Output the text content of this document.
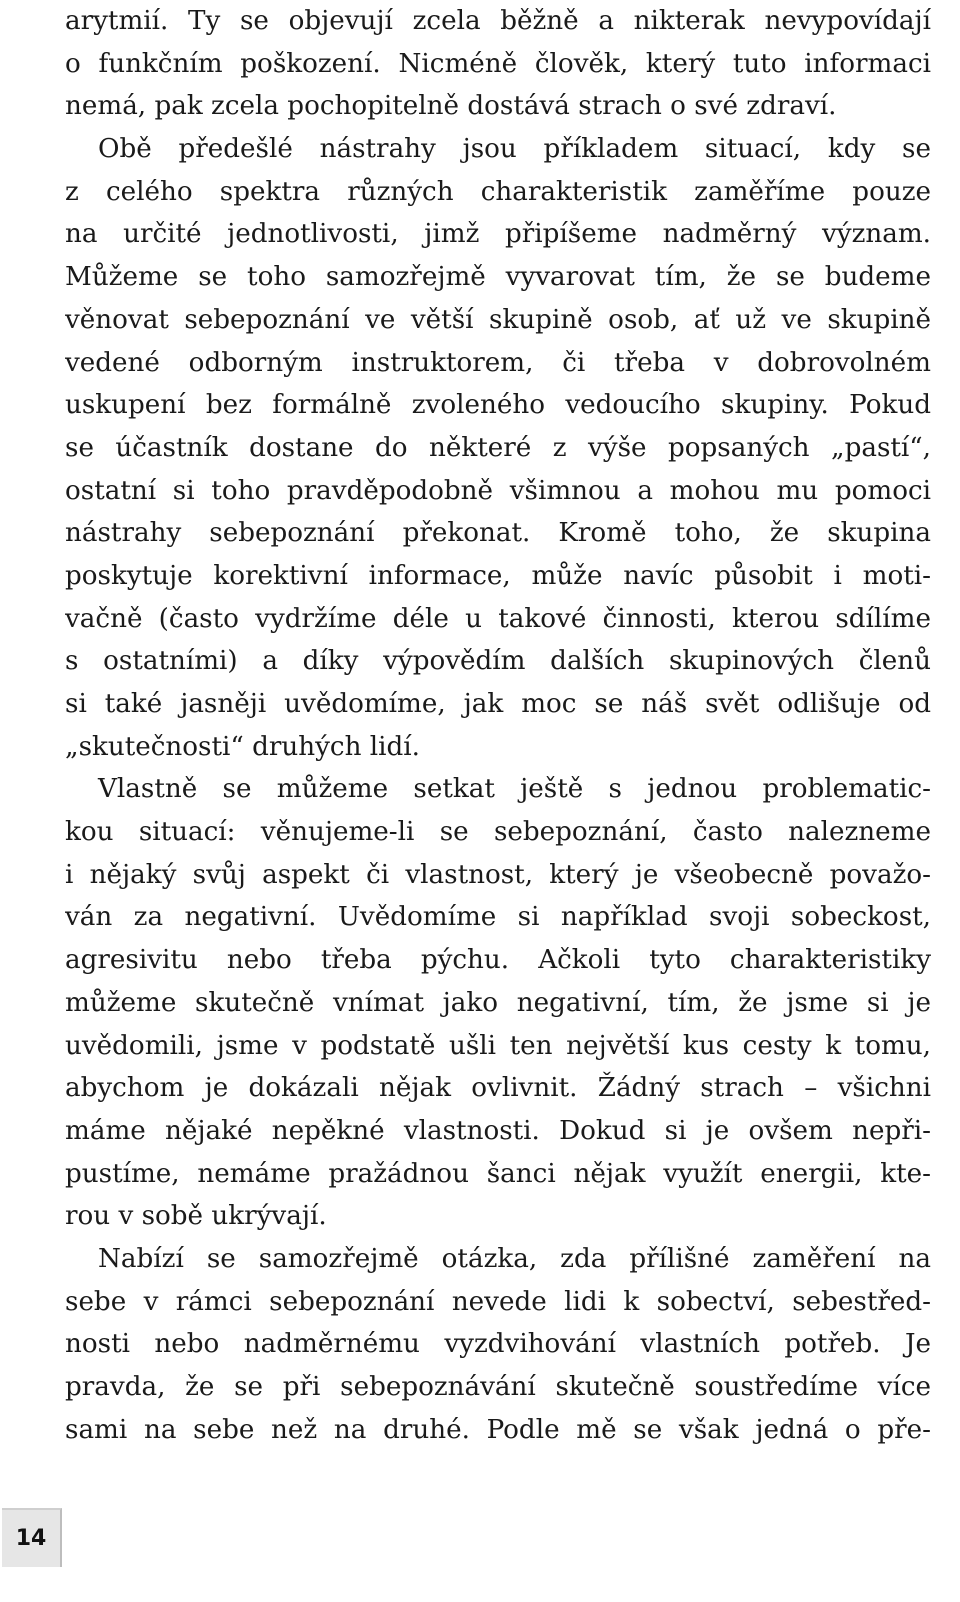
arytmií. Ty se objevují zcela běžně a nikterak nevypovídají
o funkčním poškození. Nicméně člověk, který tuto informaci
nemá, pak zcela pochopitelně dostává strach o své zdraví.
Obě předešlé nástrahy jsou příkladem situací, kdy se
z celého spektra různých charakteristik zaměříme pouze
na určité jednotlivosti, jimž připíšeme nadměrný význam.
Můžeme se toho samozřejmě vyvarovat tím, že se budeme
věnovat sebepoznání ve větší skupině osob, ať už ve skupině
vedené odborným instruktorem, či třeba v dobrovolném
uskupení bez formálně zvoleného vedoucího skupiny. Pokud
se účastník dostane do některé z výše popsaných „pastí“,
ostatní si toho pravděpodobně všimnou a mohou mu pomoci
nástrahy sebepoznání překonat. Kromě toho, že skupina
poskytuje korektivní informace, může navíc působit i moti-
vačně (často vydržíme déle u takové činnosti, kterou sdílíme
s ostatními) a díky výpovědím dalších skupinových členů
si také jasněji uvědomíme, jak moc se náš svět odlišuje od
„skutečnosti“ druhých lidí.
Vlastně se můžeme setkat ještě s jednou problematic-
kou situací: věnujeme-li se sebepoznání, často nalezneme
i nějaký svůj aspekt či vlastnost, který je všeobecně považo-
ván za negativní. Uvědomíme si například svoji sobeckost,
agresivitu nebo třeba pýchu. Ačkoli tyto charakteristiky
můžeme skutečně vnímat jako negativní, tím, že jsme si je
uvědomili, jsme v podstatě ušli ten největší kus cesty k tomu,
abychom je dokázali nějak ovlivnit. Žádný strach – všichni
máme nějaké nepěkné vlastnosti. Dokud si je ovšem nepři-
pustíme, nemáme pražádnou šanci nějak využít energii, kte-
rou v sobě ukrývají.
Nabízí se samozřejmě otázka, zda přílišné zaměření na
sebe v rámci sebepoznání nevede lidi k sobectví, sebestřed-
nosti nebo nadměrnému vyzdvihování vlastních potřeb. Je
pravda, že se při sebepoznávání skutečně soustředíme více
sami na sebe než na druhé. Podle mě se však jedná o pře-
14
